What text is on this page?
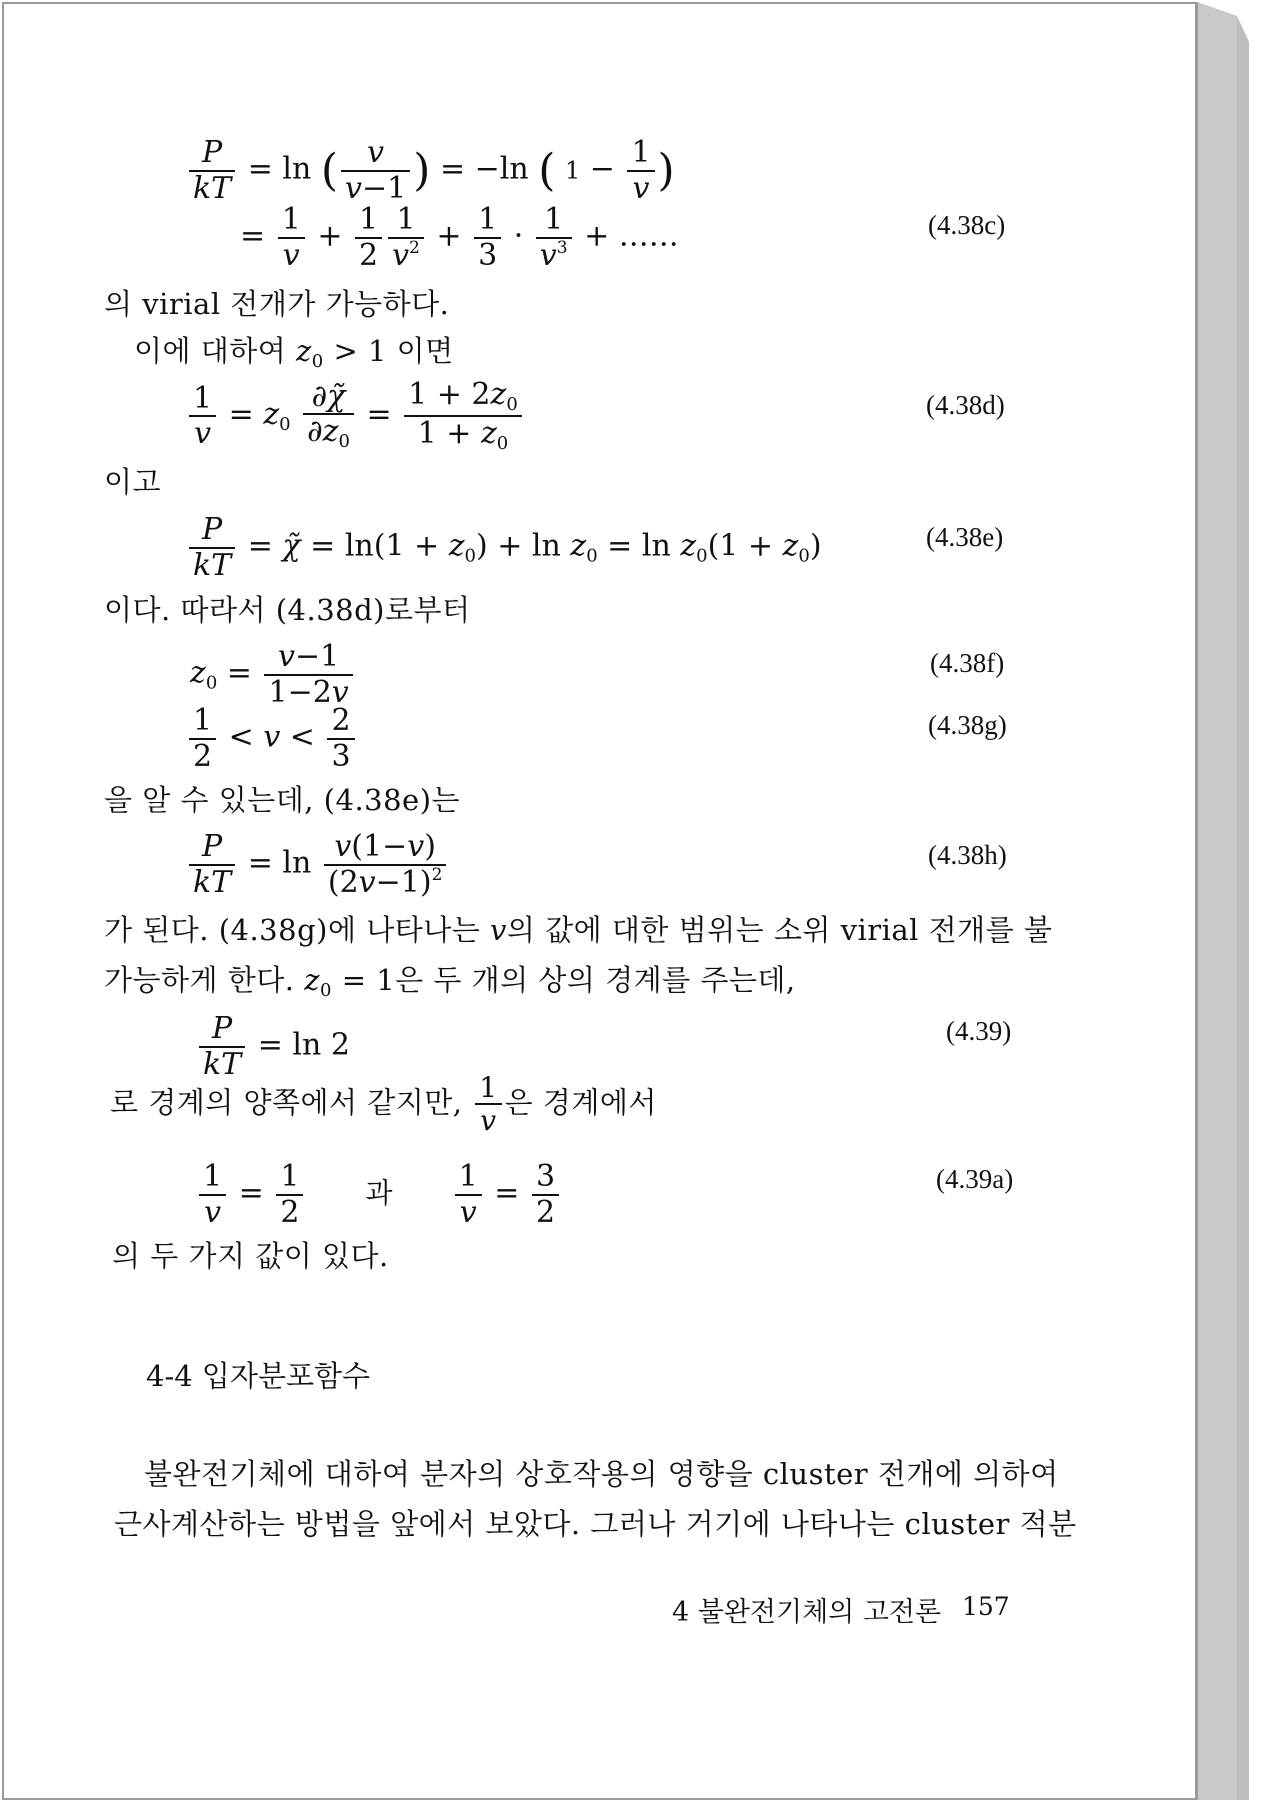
$\frac{P}{kT} = \ln$ ( $\frac{v}{v-1}$ ) = −ln ( $1 - \frac{1}{v}$ )
= $\frac{1}{v} + \frac{1}{2} \frac{1}{v^2} + \frac{1}{3} \cdot \frac{1}{v^3}$ + ……	(4.38c)
의 virial 전개가 가능하다.
이에 대하여 $z_0 > 1$ 이면
$\frac{1}{v} = z_0 \frac{\partial\chĩ}{\partial z_0} = \frac{1 + 2z_0}{1 + z_0}$	(4.38d)
이고
$\frac{P}{kT}$ = χ̃ = $\ln(1 + z_0) + \ln z_0 = \ln z_0(1 + z_0)$	(4.38e)
이다. 따라서 (4.38d)로부터
$z_0 = \frac{v-1}{1-2v}$	(4.38f)
$\frac{1}{2} < v < \frac{2}{3}$	(4.38g)
을 알 수 있는데, (4.38e)는
$\frac{P}{kT} = \ln \frac{v(1-v)}{(2v-1)^2}$	(4.38h)
가 된다. (4.38g)에 나타나는 v의 값에 대한 범위는 소위 virial 전개를 불
가능하게 한다. $z_0 = 1$은 두 개의 상의 경계를 주는데,
$\frac{P}{kT} = \ln 2$	(4.39)
로 경계의 양쪽에서 같지만, $\frac{1}{v}$ 은 경계에서
$\frac{1}{v} = \frac{1}{2}$ 과 $\frac{1}{v} = \frac{3}{2}$	(4.39a)
의 두 가지 값이 있다.
4-4 입자분포함수
불완전기체에 대하여 분자의 상호작용의 영향을 cluster 전개에 의하여
근사계산하는 방법을 앞에서 보았다. 그러나 거기에 나타나는 cluster 적분
4 불완전기체의 고전론 157
